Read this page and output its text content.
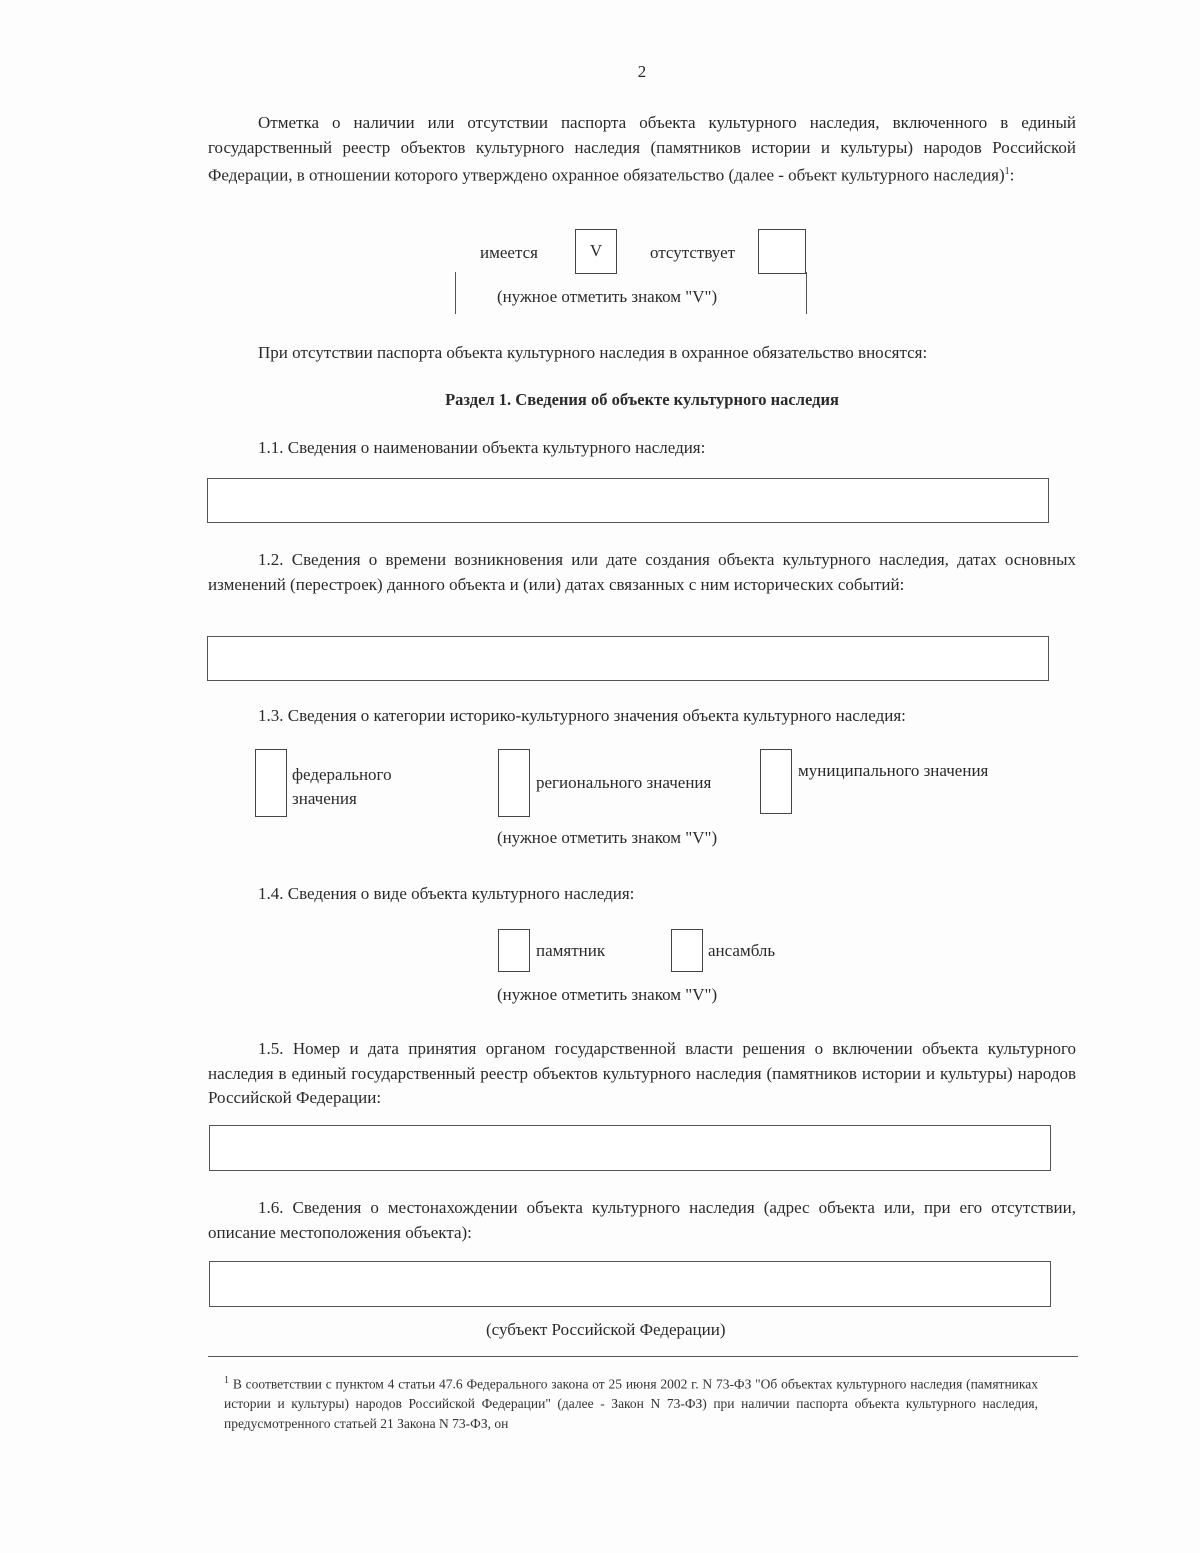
2
Отметка о наличии или отсутствии паспорта объекта культурного наследия, включенного в единый государственный реестр объектов культурного наследия (памятников истории и культуры) народов Российской Федерации, в отношении которого утверждено охранное обязательство (далее - объект культурного наследия)$^1$:
имеется	V	отсутствует
(нужное отметить знаком "V")
При отсутствии паспорта объекта культурного наследия в охранное обязательство вносятся:
Раздел 1. Сведения об объекте культурного наследия
1.1. Сведения о наименовании объекта культурного наследия:
1.2. Сведения о времени возникновения или дате создания объекта культурного наследия, датах основных изменений (перестроек) данного объекта и (или) датах связанных с ним исторических событий:
1.3. Сведения о категории историко-культурного значения объекта культурного наследия:
федерального
значения
регионального значения
муниципального значения
(нужное отметить знаком "V")
1.4. Сведения о виде объекта культурного наследия:
памятник	ансамбль
(нужное отметить знаком "V")
1.5. Номер и дата принятия органом государственной власти решения о включении объекта культурного наследия в единый государственный реестр объектов культурного наследия (памятников истории и культуры) народов Российской Федерации:
1.6. Сведения о местонахождении объекта культурного наследия (адрес объекта или, при его отсутствии, описание местоположения объекта):
(субъект Российской Федерации)
$^1$ В соответствии с пунктом 4 статьи 47.6 Федерального закона от 25 июня 2002 г. N 73-ФЗ "Об объектах культурного наследия (памятниках истории и культуры) народов Российской Федерации" (далее - Закон N 73-ФЗ) при наличии паспорта объекта культурного наследия, предусмотренного статьей 21 Закона N 73-ФЗ, он
